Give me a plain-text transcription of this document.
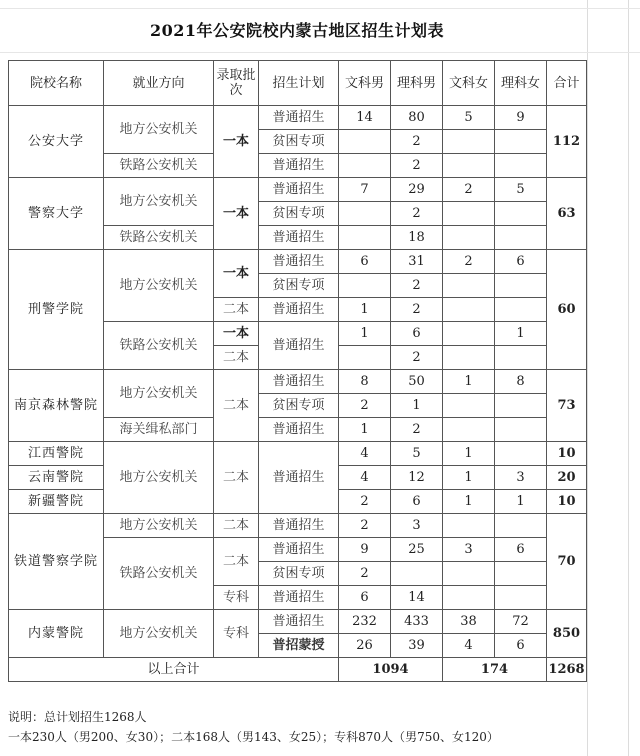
2021年公安院校内蒙古地区招生计划表
院校名称	就业方向	录取批次	招生计划	文科男	理科男	文科女	理科女	合计
公安大学	地方公安机关	一本	普通招生	14	80	5	9	112
			贫困专项		2			
	铁路公安机关		普通招生		2			
警察大学	地方公安机关	一本	普通招生	7	29	2	5	63
			贫困专项		2			
	铁路公安机关		普通招生		18			
刑警学院	地方公安机关	一本	普通招生	6	31	2	6	60
			贫困专项		2			
		二本	普通招生	1	2			
	铁路公安机关	一本	普通招生	1	6		1	
		二本			2			
南京森林警院	地方公安机关	二本	普通招生	8	50	1	8	73
			贫困专项	2	1			
	海关缉私部门		普通招生	1	2			
江西警院	地方公安机关	二本	普通招生	4	5	1		10
云南警院				4	12	1	3	20
新疆警院				2	6	1	1	10
铁道警察学院	地方公安机关	二本	普通招生	2	3			70
	铁路公安机关	二本	普通招生	9	25	3	6	
			贫困专项	2				
		专科	普通招生	6	14			
内蒙警院	地方公安机关	专科	普通招生	232	433	38	72	850
			普招蒙授	26	39	4	6	
以上合计				1094		174		1268
说明：总计划招生1268人
一本230人（男200、女30）；二本168人（男143、女25）；专科870人（男750、女120）
